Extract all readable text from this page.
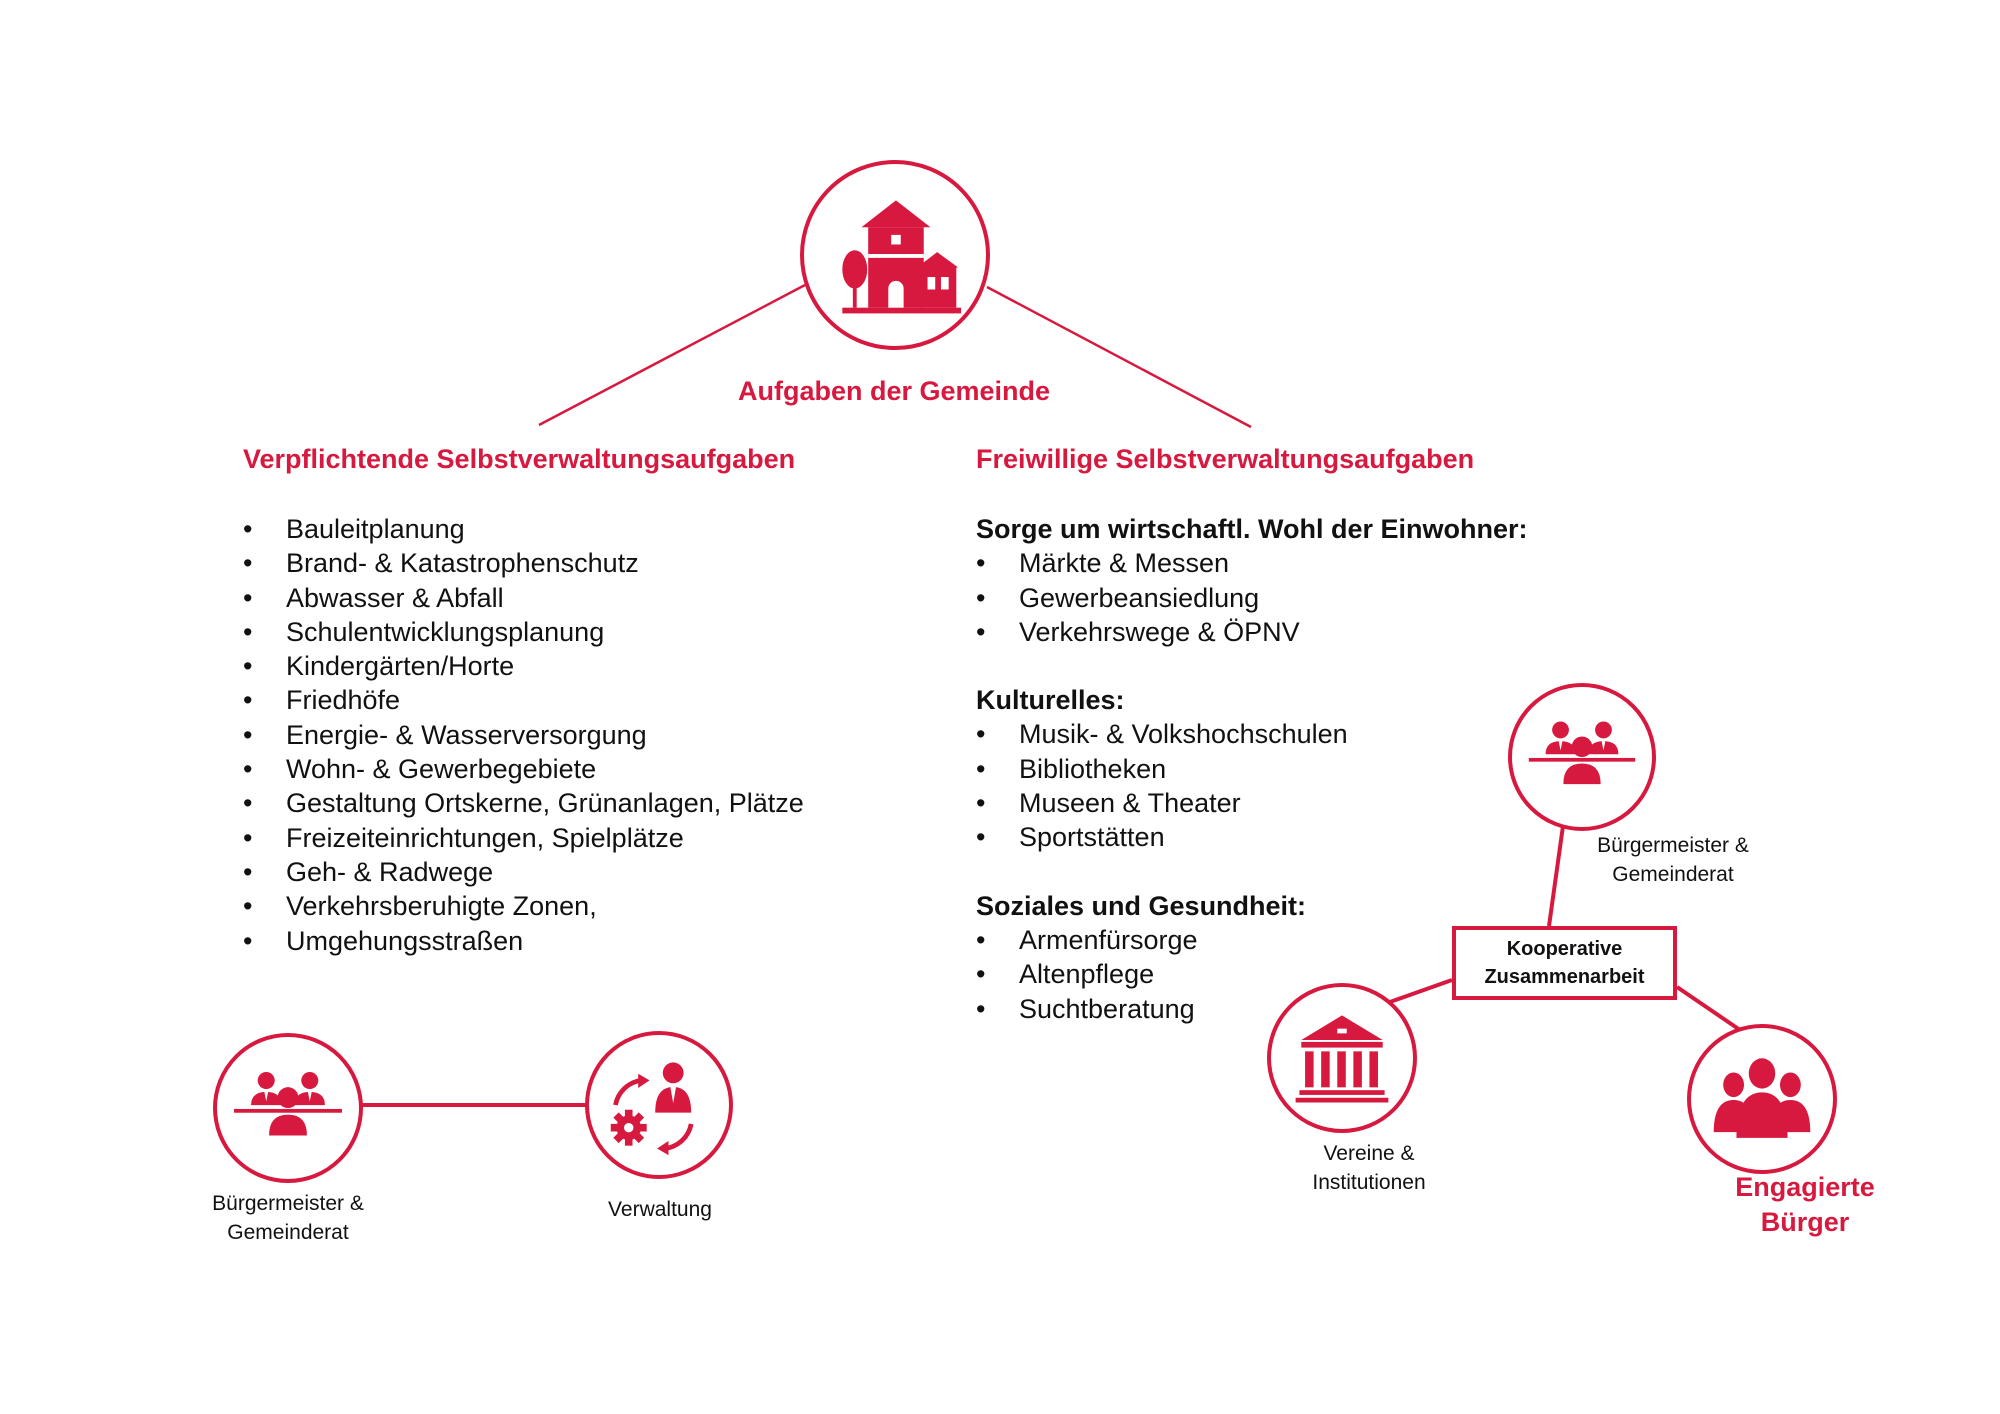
Aufgaben der Gemeinde
Verpflichtende Selbstverwaltungsaufgaben
• Bauleitplanung
• Brand- & Katastrophenschutz
• Abwasser & Abfall
• Schulentwicklungsplanung
• Kindergärten/Horte
• Friedhöfe
• Energie- & Wasserversorgung
• Wohn- & Gewerbegebiete
• Gestaltung Ortskerne, Grünanlagen, Plätze
• Freizeiteinrichtungen, Spielplätze
• Geh- & Radwege
• Verkehrsberuhigte Zonen,
• Umgehungsstraßen
Freiwillige Selbstverwaltungsaufgaben
Sorge um wirtschaftl. Wohl der Einwohner:
• Märkte & Messen
• Gewerbeansiedlung
• Verkehrswege & ÖPNV
Kulturelles:
• Musik- & Volkshochschulen
• Bibliotheken
• Museen & Theater
• Sportstätten
Soziales und Gesundheit:
• Armenfürsorge
• Altenpflege
• Suchtberatung
Bürgermeister &
Gemeinderat
Verwaltung
Bürgermeister &
Gemeinderat
Kooperative
Zusammenarbeit
Vereine &
Institutionen	Engagierte
Bürger
